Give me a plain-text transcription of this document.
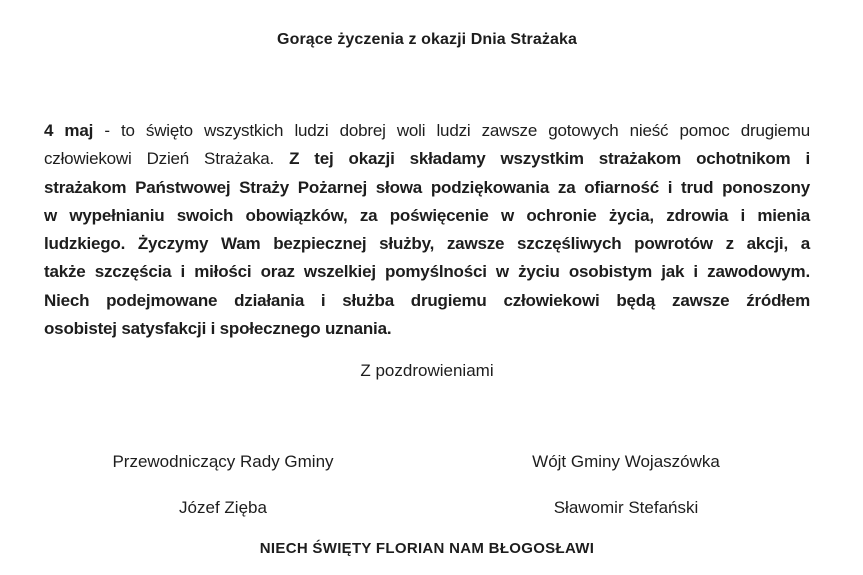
Gorące życzenia z okazji Dnia Strażaka
4 maj - to święto wszystkich ludzi dobrej woli ludzi zawsze gotowych nieść pomoc drugiemu
człowiekowi Dzień Strażaka. Z tej okazji składamy wszystkim strażakom ochotnikom i
strażakom Państwowej Straży Pożarnej słowa podziękowania za ofiarność i trud ponoszony
w wypełnianiu swoich obowiązków, za poświęcenie w ochronie życia, zdrowia i mienia
ludzkiego. Życzymy Wam bezpiecznej służby, zawsze szczęśliwych powrotów z akcji, a
także szczęścia i miłości oraz wszelkiej pomyślności w życiu osobistym jak i zawodowym.
Niech podejmowane działania i służba drugiemu człowiekowi będą zawsze źródłem
osobistej satysfakcji i społecznego uznania.
Z pozdrowieniami
Przewodniczący Rady Gminy
Józef Zięba
Wójt Gminy Wojaszówka
Sławomir Stefański
NIECH ŚWIĘTY FLORIAN NAM BŁOGOSŁAWI
